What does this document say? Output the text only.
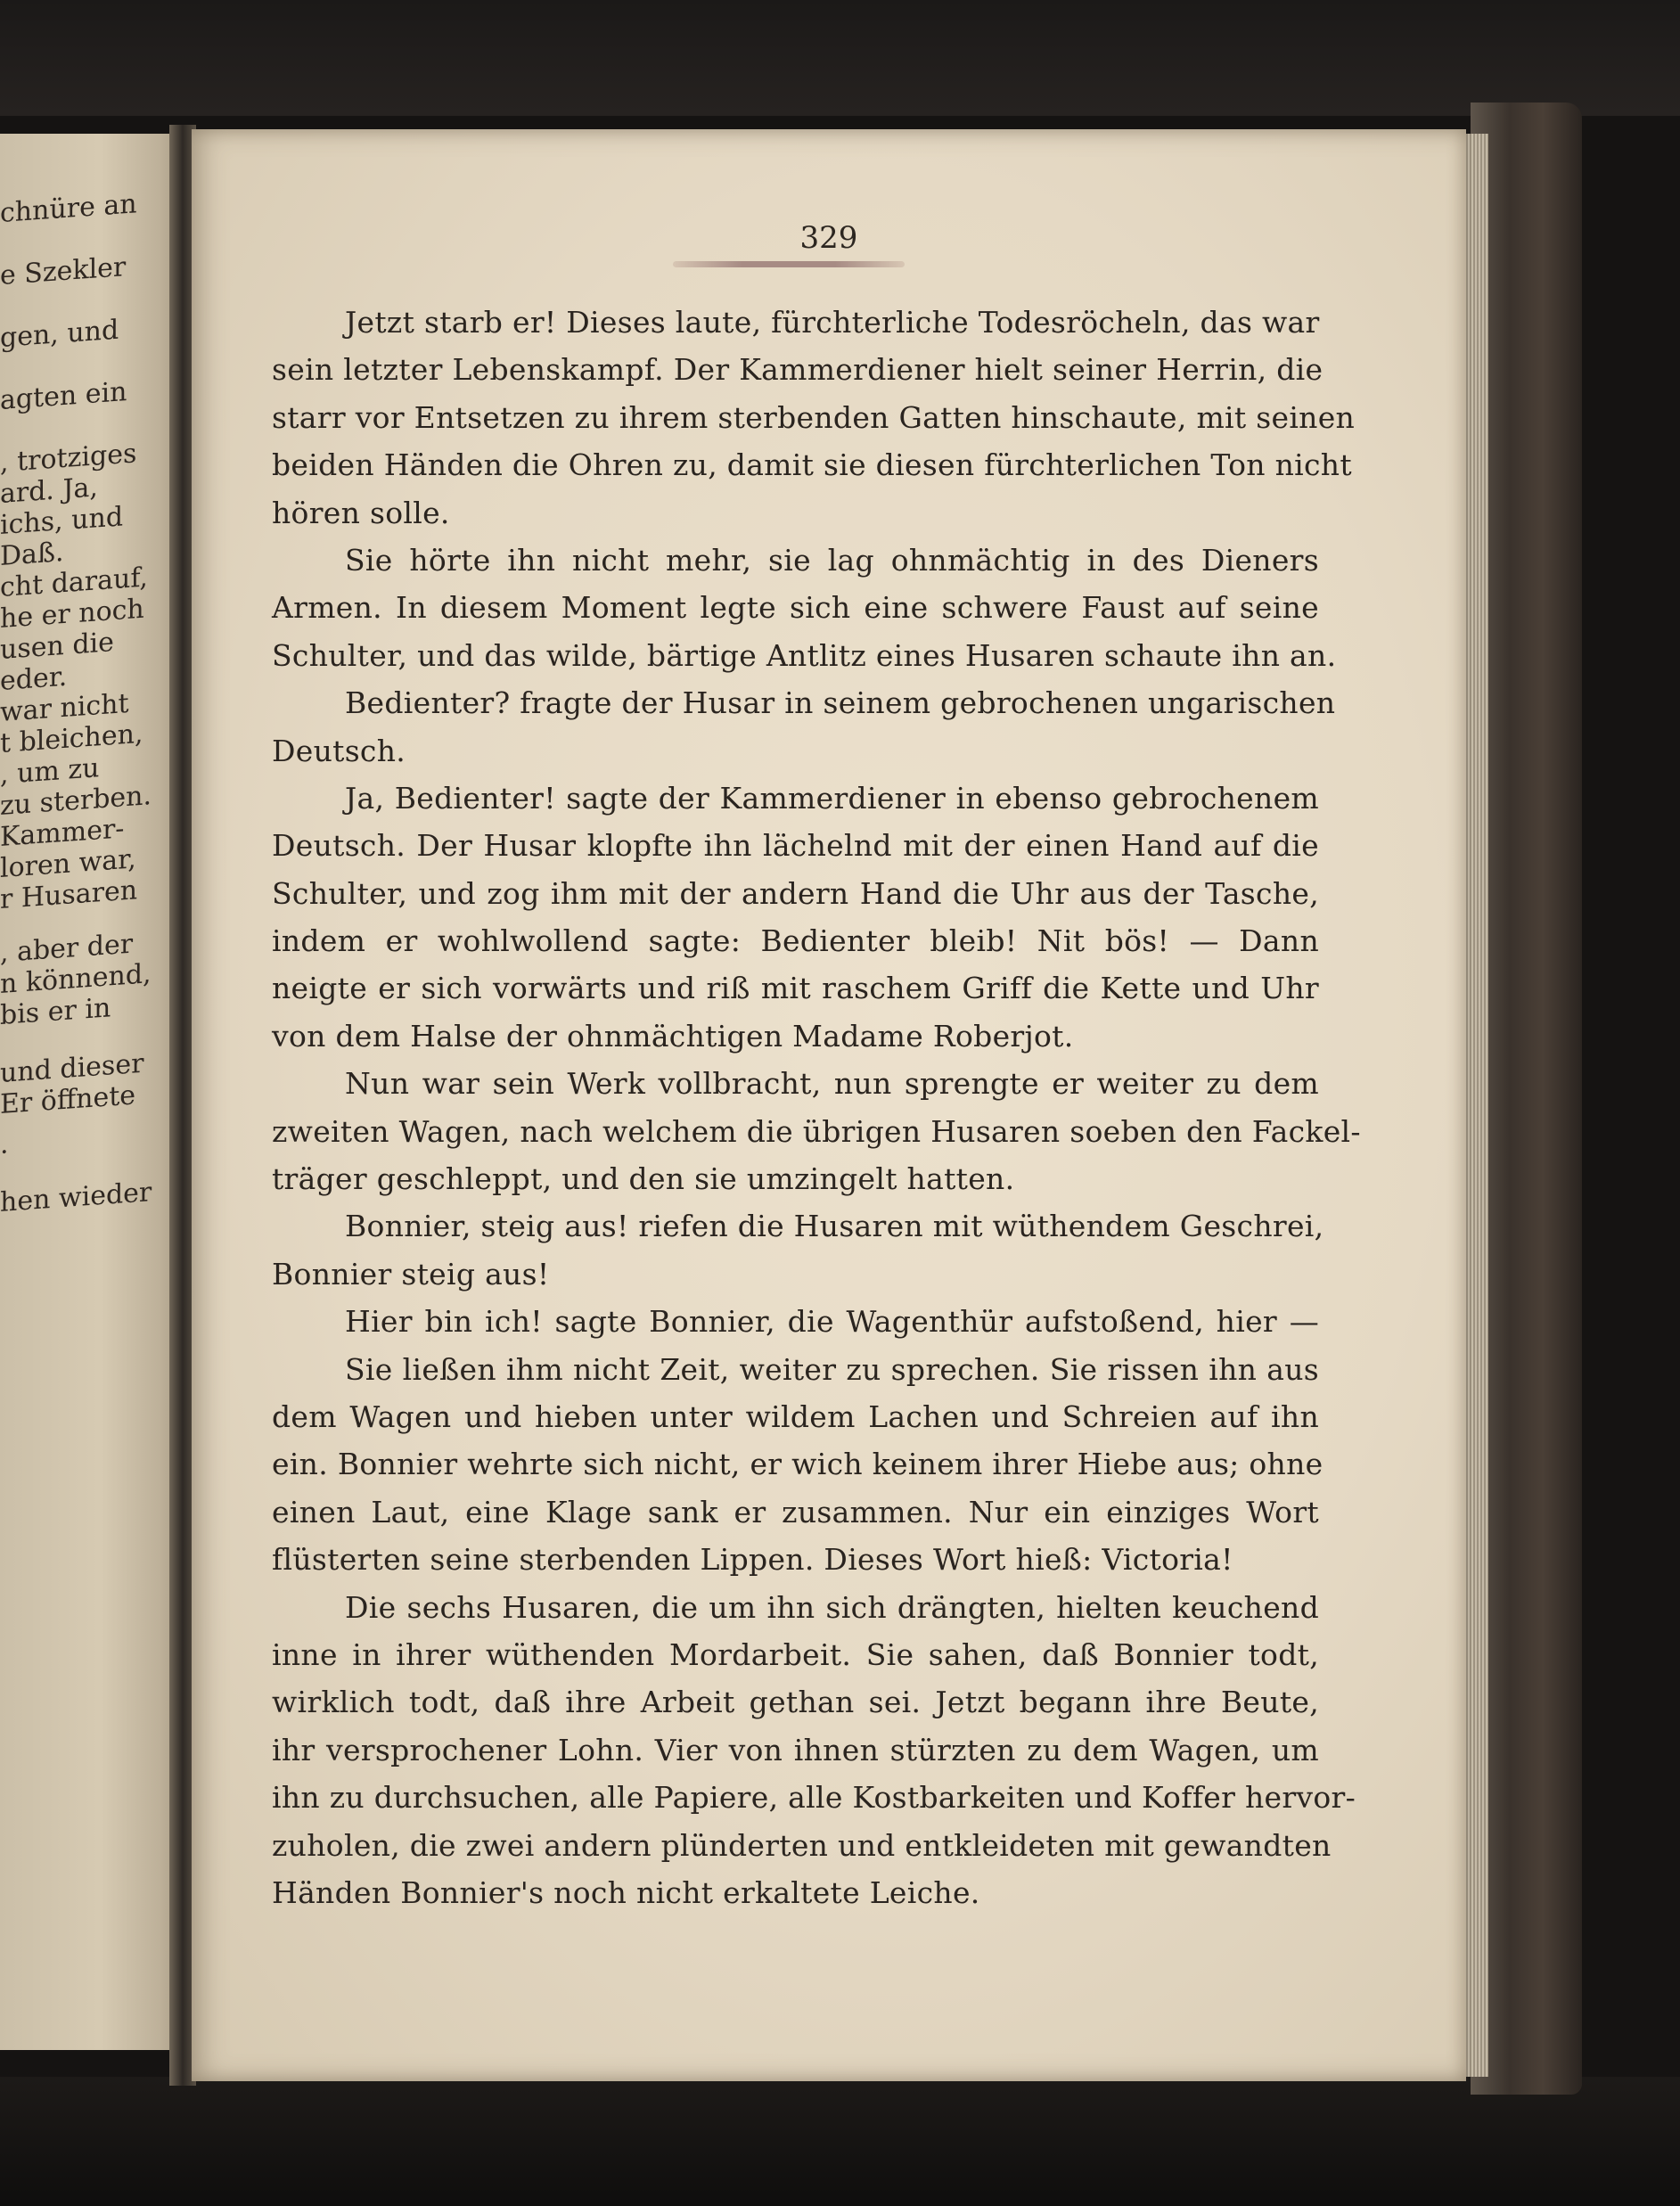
chnüre an
e Szekler
gen, und
agten ein
, trotziges
ard. Ja,
ichs, und
Daß.
cht darauf,
he er noch
usen die
eder.
war nicht
t bleichen,
, um zu
zu sterben.
Kammer-
loren war,
r Husaren
, aber der
n könnend,
bis er in
und dieser
Er öffnete
.
hen wieder
329
Jetzt starb er! Dieses laute, fürchterliche Todesröcheln, das war
sein letzter Lebenskampf. Der Kammerdiener hielt seiner Herrin, die
starr vor Entsetzen zu ihrem sterbenden Gatten hinschaute, mit seinen
beiden Händen die Ohren zu, damit sie diesen fürchterlichen Ton nicht
hören solle.
Sie hörte ihn nicht mehr, sie lag ohnmächtig in des Dieners
Armen. In diesem Moment legte sich eine schwere Faust auf seine
Schulter, und das wilde, bärtige Antlitz eines Husaren schaute ihn an.
Bedienter? fragte der Husar in seinem gebrochenen ungarischen
Deutsch.
Ja, Bedienter! sagte der Kammerdiener in ebenso gebrochenem
Deutsch. Der Husar klopfte ihn lächelnd mit der einen Hand auf die
Schulter, und zog ihm mit der andern Hand die Uhr aus der Tasche,
indem er wohlwollend sagte: Bedienter bleib! Nit bös! — Dann
neigte er sich vorwärts und riß mit raschem Griff die Kette und Uhr
von dem Halse der ohnmächtigen Madame Roberjot.
Nun war sein Werk vollbracht, nun sprengte er weiter zu dem
zweiten Wagen, nach welchem die übrigen Husaren soeben den Fackel-
träger geschleppt, und den sie umzingelt hatten.
Bonnier, steig aus! riefen die Husaren mit wüthendem Geschrei,
Bonnier steig aus!
Hier bin ich! sagte Bonnier, die Wagenthür aufstoßend, hier —
Sie ließen ihm nicht Zeit, weiter zu sprechen. Sie rissen ihn aus
dem Wagen und hieben unter wildem Lachen und Schreien auf ihn
ein. Bonnier wehrte sich nicht, er wich keinem ihrer Hiebe aus; ohne
einen Laut, eine Klage sank er zusammen. Nur ein einziges Wort
flüsterten seine sterbenden Lippen. Dieses Wort hieß: Victoria!
Die sechs Husaren, die um ihn sich drängten, hielten keuchend
inne in ihrer wüthenden Mordarbeit. Sie sahen, daß Bonnier todt,
wirklich todt, daß ihre Arbeit gethan sei. Jetzt begann ihre Beute,
ihr versprochener Lohn. Vier von ihnen stürzten zu dem Wagen, um
ihn zu durchsuchen, alle Papiere, alle Kostbarkeiten und Koffer hervor-
zuholen, die zwei andern plünderten und entkleideten mit gewandten
Händen Bonnier's noch nicht erkaltete Leiche.
